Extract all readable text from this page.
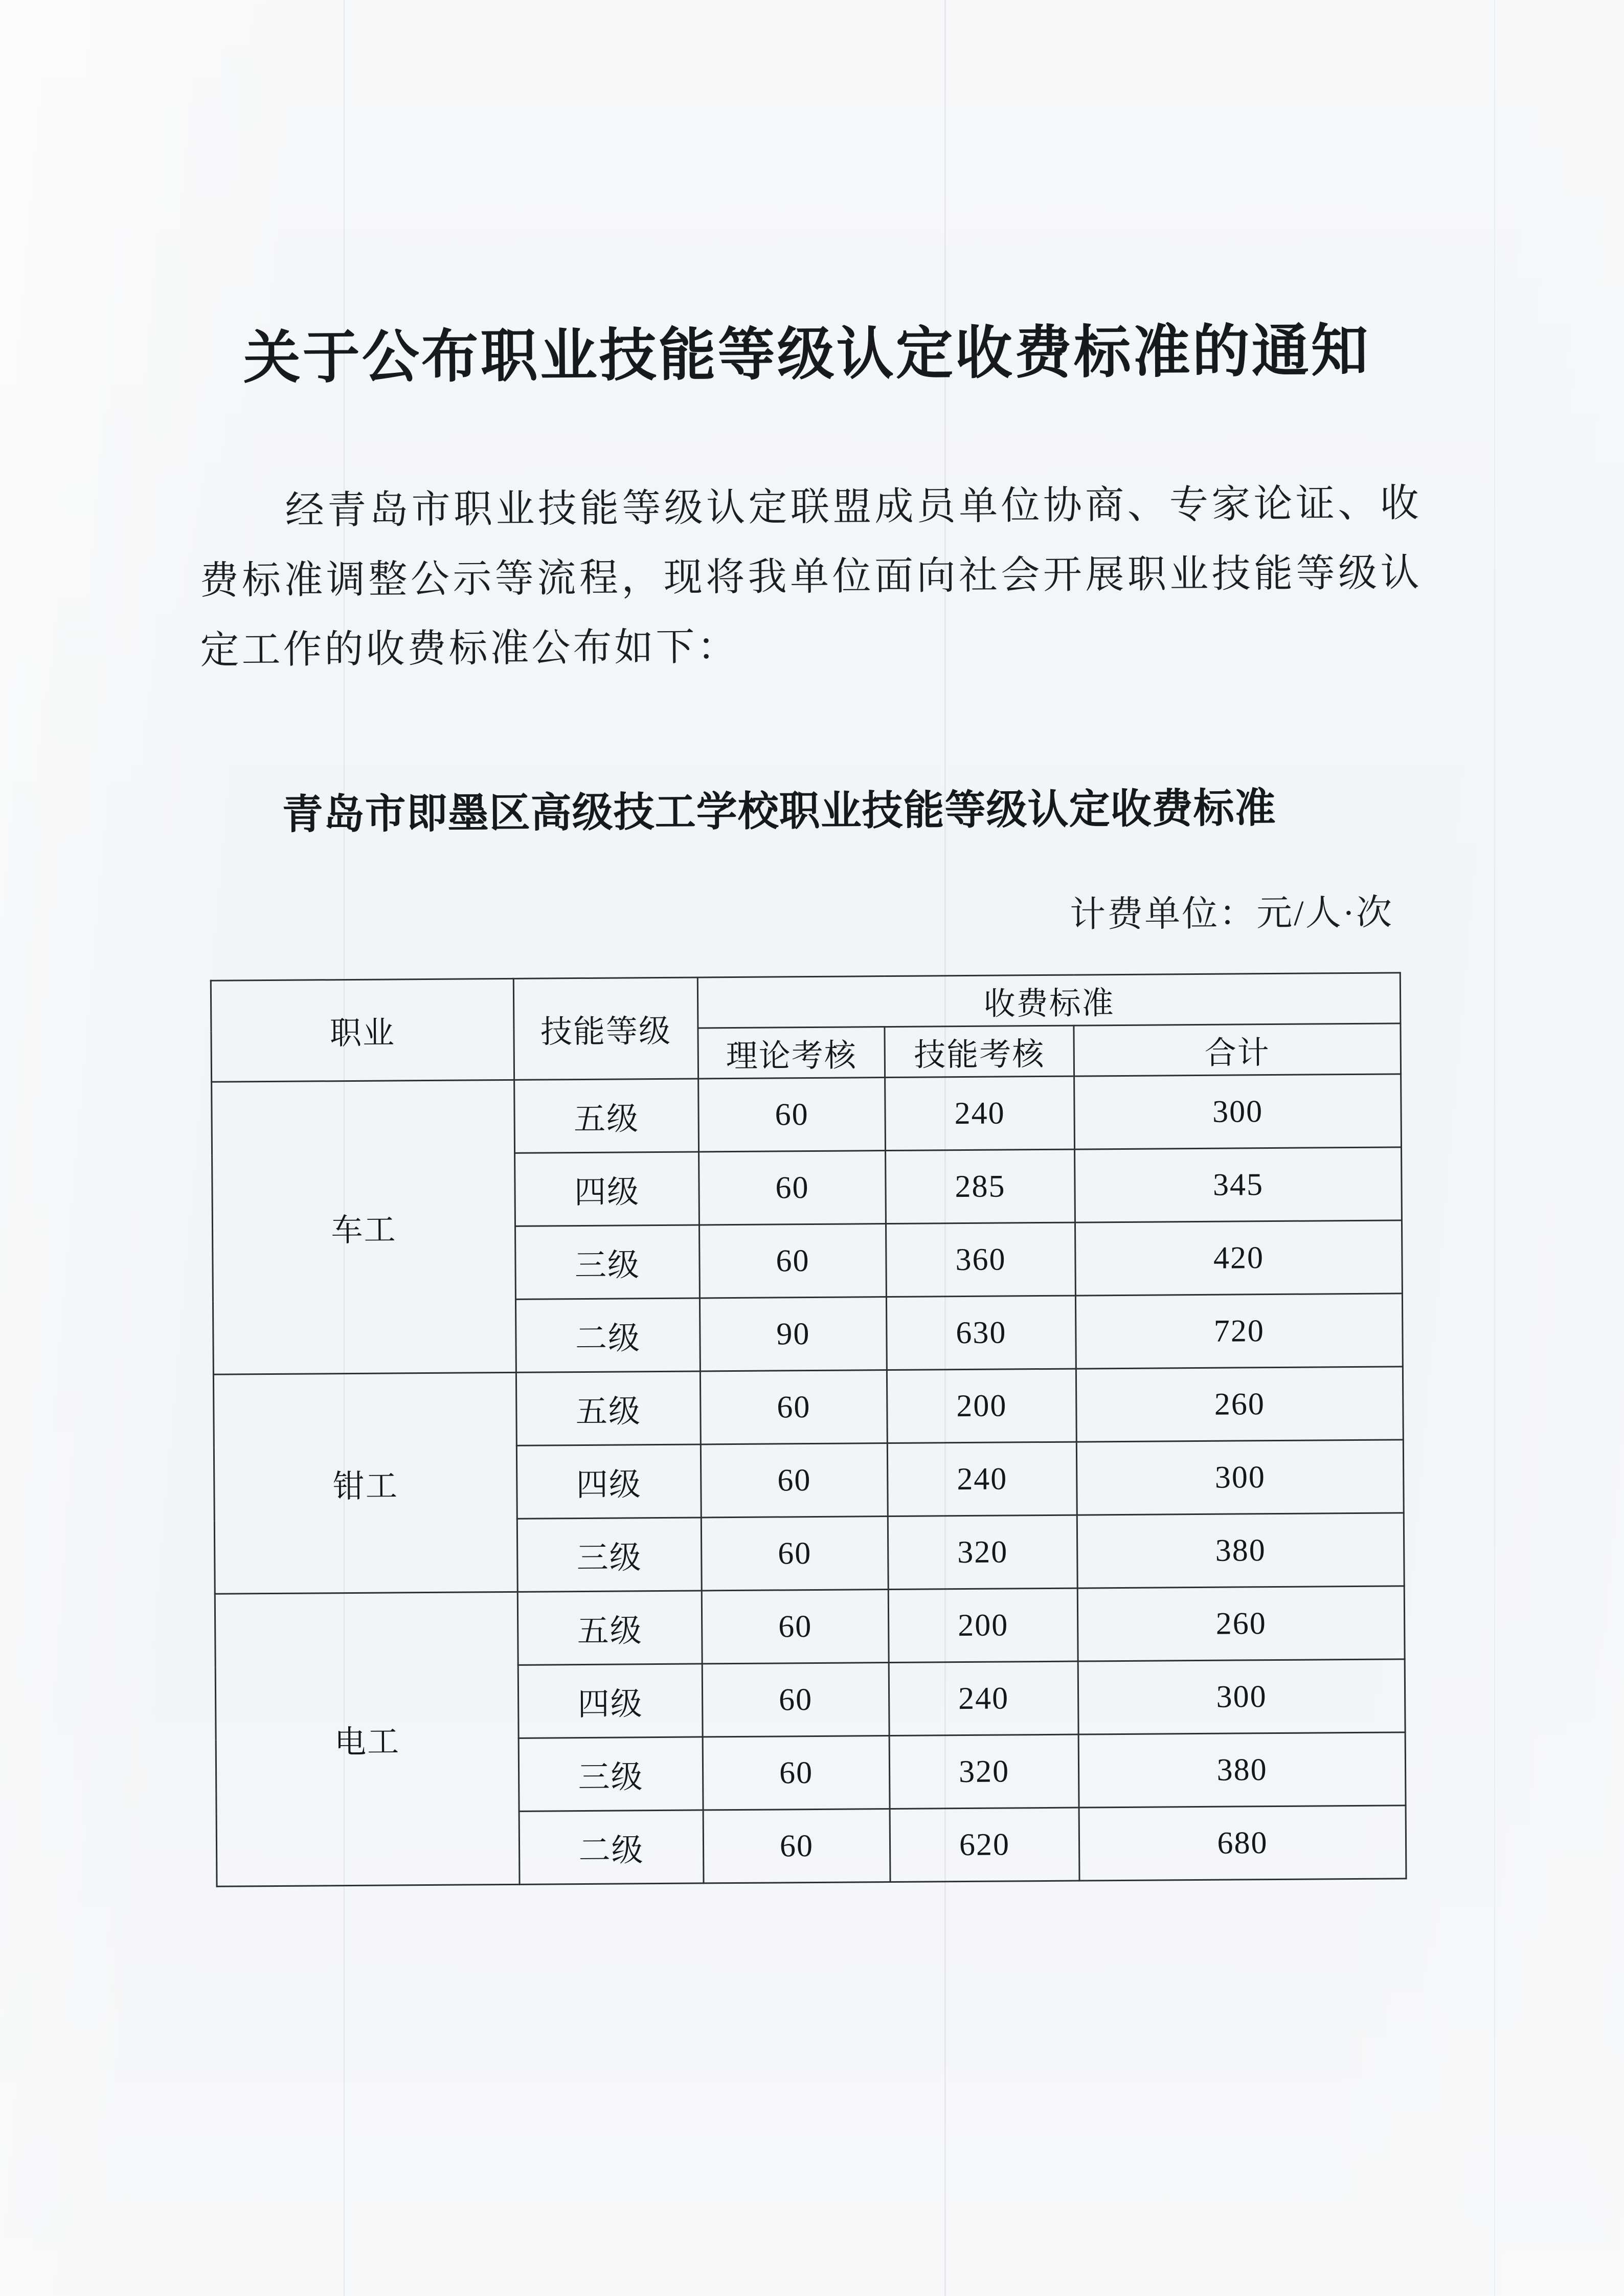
关于公布职业技能等级认定收费标准的通知

经青岛市职业技能等级认定联盟成员单位协商、专家论证、收费标准调整公示等流程，现将我单位面向社会开展职业技能等级认定工作的收费标准公布如下：

青岛市即墨区高级技工学校职业技能等级认定收费标准
计费单位：元/人·次
职业	技能等级	收费标准		
		理论考核	技能考核	合计
车工	五级	60	240	300
	四级	60	285	345
	三级	60	360	420
	二级	90	630	720
钳工	五级	60	200	260
	四级	60	240	300
	三级	60	320	380
电工	五级	60	200	260
	四级	60	240	300
	三级	60	320	380
	二级	60	620	680
